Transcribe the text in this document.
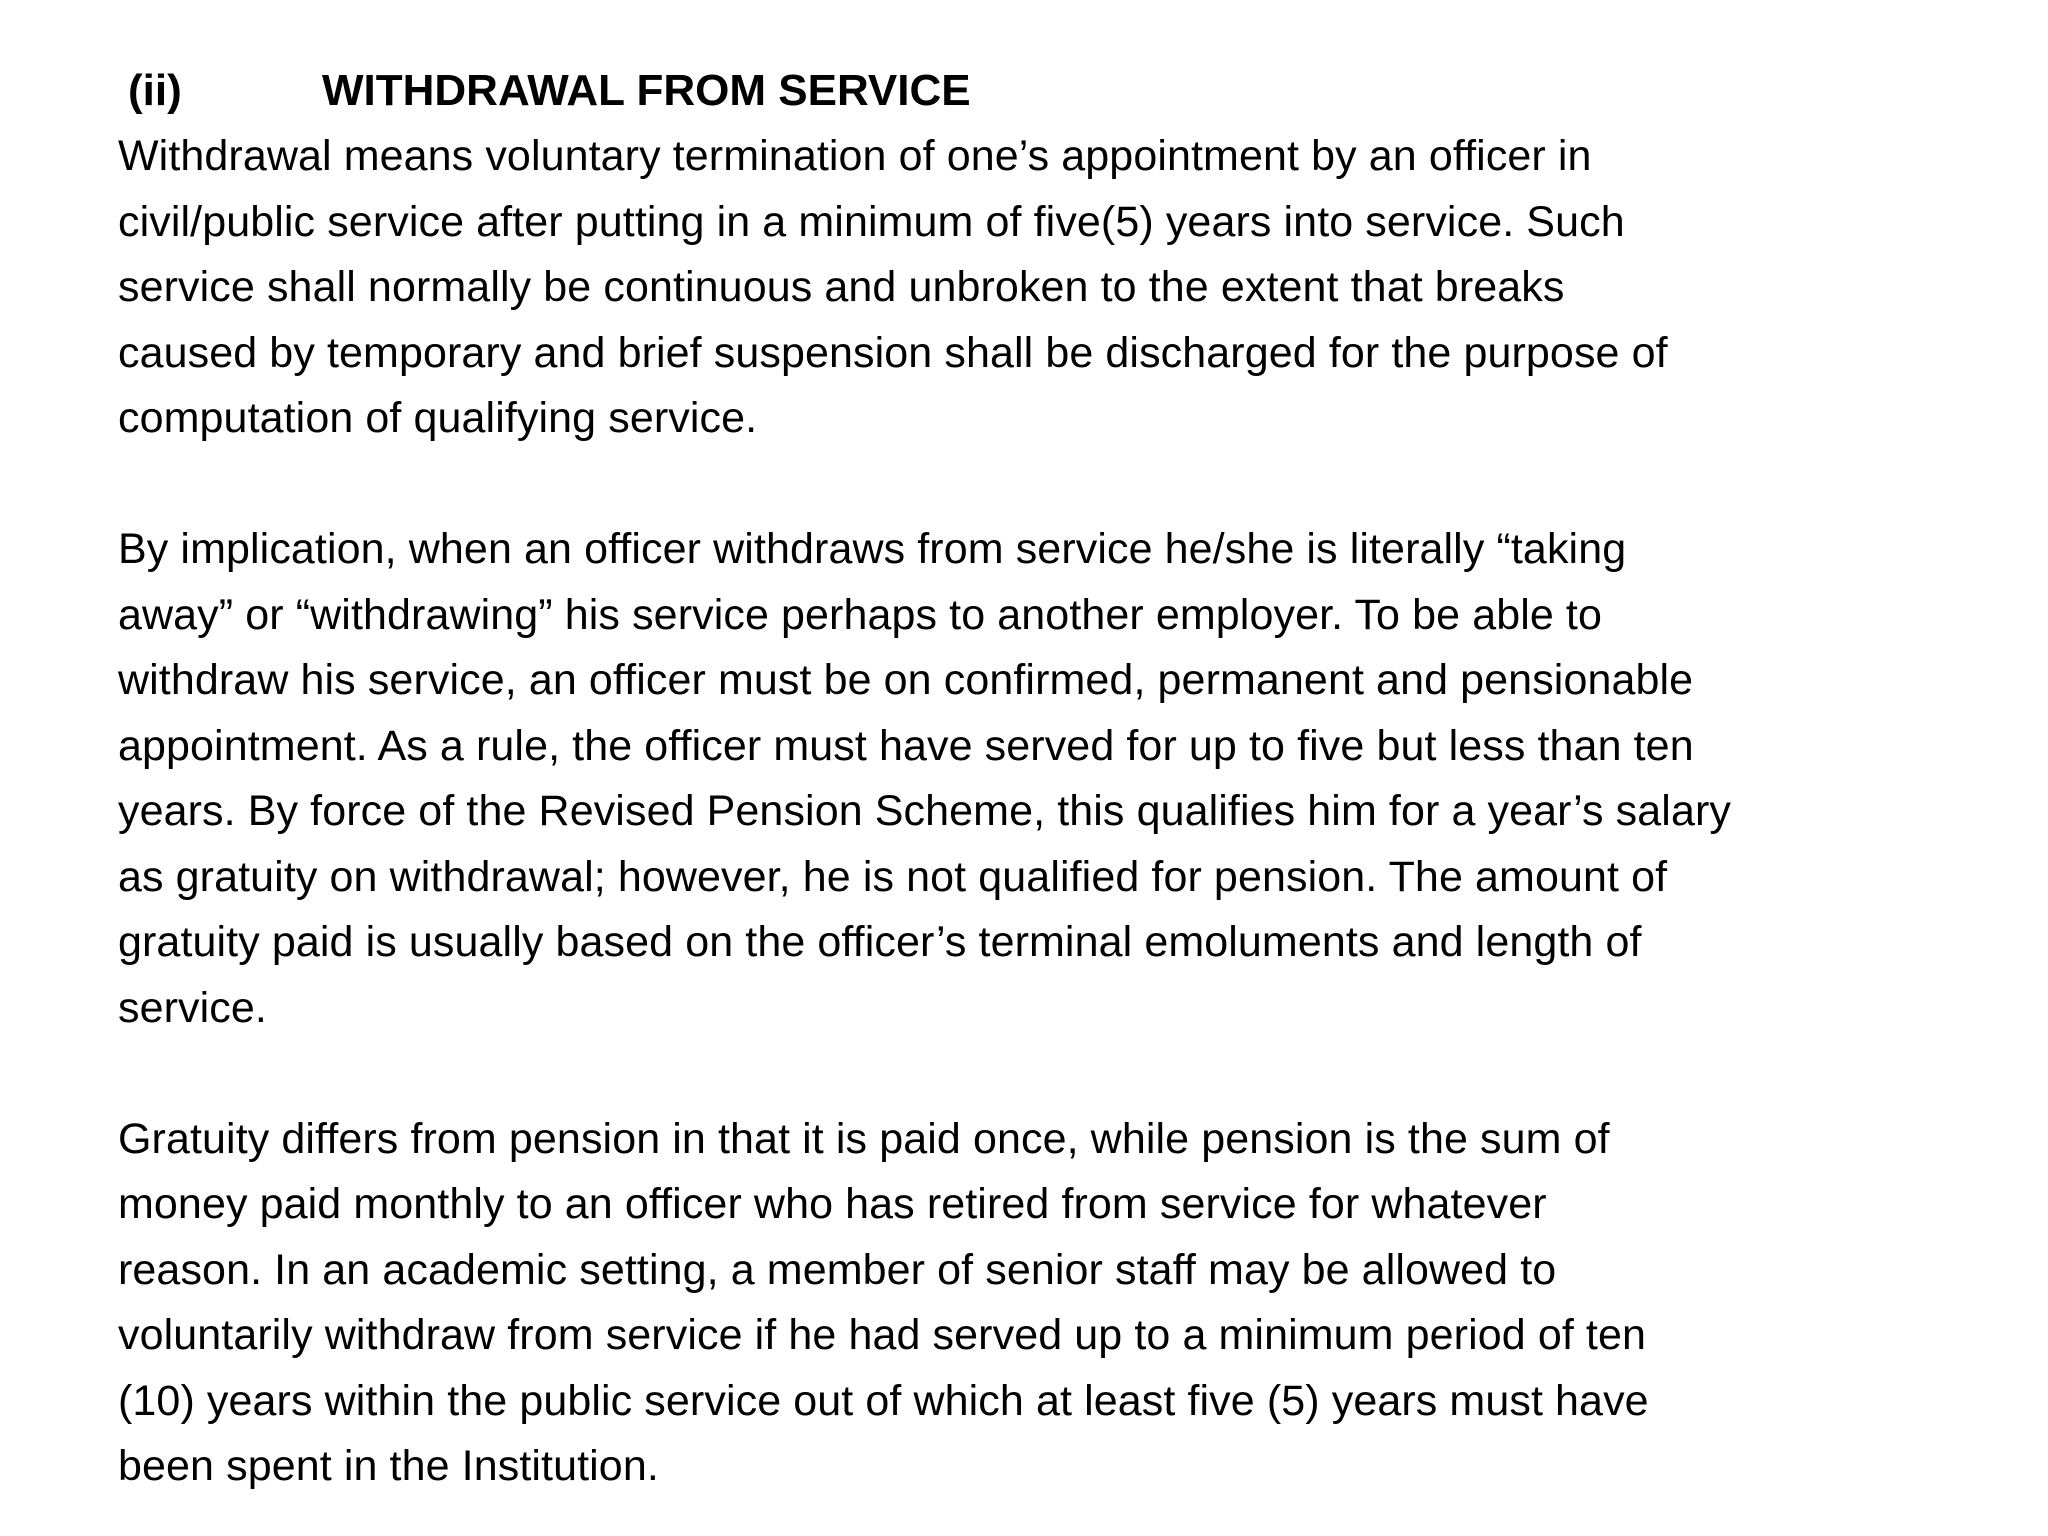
(ii)	WITHDRAWAL FROM SERVICE

Withdrawal means voluntary termination of one’s appointment by an officer in
civil/public service after putting in a minimum of five(5) years into service. Such
service shall normally be continuous and unbroken to the extent that breaks
caused by temporary and brief suspension shall be discharged for the purpose of
computation of qualifying service.

By implication, when an officer withdraws from service he/she is literally “taking
away” or “withdrawing” his service perhaps to another employer. To be able to
withdraw his service, an officer must be on confirmed, permanent and pensionable
appointment. As a rule, the officer must have served for up to five but less than ten
years. By force of the Revised Pension Scheme, this qualifies him for a year’s salary
as gratuity on withdrawal; however, he is not qualified for pension. The amount of
gratuity paid is usually based on the officer’s terminal emoluments and length of
service.

Gratuity differs from pension in that it is paid once, while pension is the sum of
money paid monthly to an officer who has retired from service for whatever
reason. In an academic setting, a member of senior staff may be allowed to
voluntarily withdraw from service if he had served up to a minimum period of ten
(10) years within the public service out of which at least five (5) years must have
been spent in the Institution.
